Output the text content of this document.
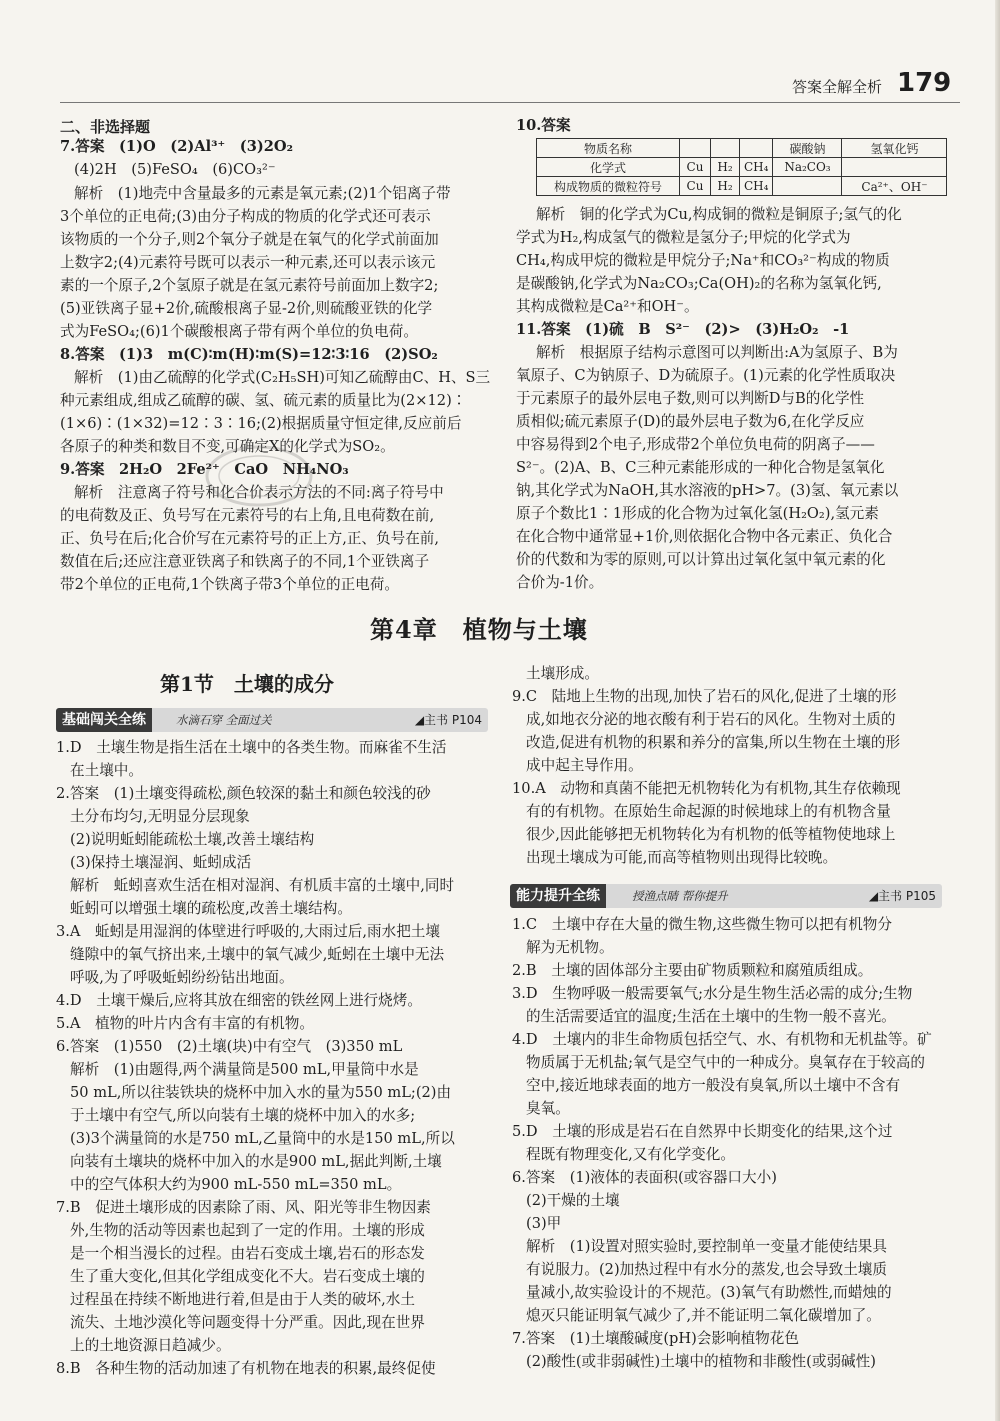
答案全解全析 179
二、非选择题
7.答案　(1)O　(2)Al³⁺　(3)2O₂
(4)2H　(5)FeSO₄　(6)CO₃²⁻
解析　(1)地壳中含量最多的元素是氧元素;(2)1个铝离子带
3个单位的正电荷;(3)由分子构成的物质的化学式还可表示
该物质的一个分子,则2个氧分子就是在氧气的化学式前面加
上数字2;(4)元素符号既可以表示一种元素,还可以表示该元
素的一个原子,2个氢原子就是在氢元素符号前面加上数字2;
(5)亚铁离子显+2价,硫酸根离子显-2价,则硫酸亚铁的化学
式为FeSO₄;(6)1个碳酸根离子带有两个单位的负电荷。
8.答案　(1)3　m(C)∶m(H)∶m(S)=12∶3∶16　(2)SO₂
解析　(1)由乙硫醇的化学式(C₂H₅SH)可知乙硫醇由C、H、S三
种元素组成,组成乙硫醇的碳、氢、硫元素的质量比为(2×12)∶
(1×6)∶(1×32)=12∶3∶16;(2)根据质量守恒定律,反应前后
各原子的种类和数目不变,可确定X的化学式为SO₂。
9.答案　2H₂O　2Fe²⁺　CaO　NH₄NO₃
解析　注意离子符号和化合价表示方法的不同:离子符号中
的电荷数及正、负号写在元素符号的右上角,且电荷数在前,
正、负号在后;化合价写在元素符号的正上方,正、负号在前,
数值在后;还应注意亚铁离子和铁离子的不同,1个亚铁离子
带2个单位的正电荷,1个铁离子带3个单位的正电荷。
10.答案
物质名称				碳酸钠	氢氧化钙
化学式	Cu	H₂	CH₄	Na₂CO₃	
构成物质的微粒符号	Cu	H₂	CH₄		Ca²⁺、OH⁻
解析　铜的化学式为Cu,构成铜的微粒是铜原子;氢气的化
学式为H₂,构成氢气的微粒是氢分子;甲烷的化学式为
CH₄,构成甲烷的微粒是甲烷分子;Na⁺和CO₃²⁻构成的物质
是碳酸钠,化学式为Na₂CO₃;Ca(OH)₂的名称为氢氧化钙,
其构成微粒是Ca²⁺和OH⁻。
11.答案　(1)硫　B　S²⁻　(2)>　(3)H₂O₂　-1
解析　根据原子结构示意图可以判断出:A为氢原子、B为
氧原子、C为钠原子、D为硫原子。(1)元素的化学性质取决
于元素原子的最外层电子数,则可以判断D与B的化学性
质相似;硫元素原子(D)的最外层电子数为6,在化学反应
中容易得到2个电子,形成带2个单位负电荷的阴离子——
S²⁻。(2)A、B、C三种元素能形成的一种化合物是氢氧化
钠,其化学式为NaOH,其水溶液的pH>7。(3)氢、氧元素以
原子个数比1∶1形成的化合物为过氧化氢(H₂O₂),氢元素
在化合物中通常显+1价,则依据化合物中各元素正、负化合
价的代数和为零的原则,可以计算出过氧化氢中氧元素的化
合价为-1价。
第4章　植物与土壤
第1节　土壤的成分
基础闯关全练	水滴石穿 全面过关	◢主书 P104
1.D　土壤生物是指生活在土壤中的各类生物。而麻雀不生活
在土壤中。
2.答案　(1)土壤变得疏松,颜色较深的黏土和颜色较浅的砂
土分布均匀,无明显分层现象
(2)说明蚯蚓能疏松土壤,改善土壤结构
(3)保持土壤湿润、蚯蚓成活
解析　蚯蚓喜欢生活在相对湿润、有机质丰富的土壤中,同时
蚯蚓可以增强土壤的疏松度,改善土壤结构。
3.A　蚯蚓是用湿润的体壁进行呼吸的,大雨过后,雨水把土壤
缝隙中的氧气挤出来,土壤中的氧气减少,蚯蚓在土壤中无法
呼吸,为了呼吸蚯蚓纷纷钻出地面。
4.D　土壤干燥后,应将其放在细密的铁丝网上进行烧烤。
5.A　植物的叶片内含有丰富的有机物。
6.答案　(1)550　(2)土壤(块)中有空气　(3)350 mL
解析　(1)由题得,两个满量筒是500 mL,甲量筒中水是
50 mL,所以往装铁块的烧杯中加入水的量为550 mL;(2)由
于土壤中有空气,所以向装有土壤的烧杯中加入的水多;
(3)3个满量筒的水是750 mL,乙量筒中的水是150 mL,所以
向装有土壤块的烧杯中加入的水是900 mL,据此判断,土壤
中的空气体积大约为900 mL-550 mL=350 mL。
7.B　促进土壤形成的因素除了雨、风、阳光等非生物因素
外,生物的活动等因素也起到了一定的作用。土壤的形成
是一个相当漫长的过程。由岩石变成土壤,岩石的形态发
生了重大变化,但其化学组成变化不大。岩石变成土壤的
过程虽在持续不断地进行着,但是由于人类的破坏,水土
流失、土地沙漠化等问题变得十分严重。因此,现在世界
上的土地资源日趋减少。
8.B　各种生物的活动加速了有机物在地表的积累,最终促使
土壤形成。
9.C　陆地上生物的出现,加快了岩石的风化,促进了土壤的形
成,如地衣分泌的地衣酸有利于岩石的风化。生物对土质的
改造,促进有机物的积累和养分的富集,所以生物在土壤的形
成中起主导作用。
10.A　动物和真菌不能把无机物转化为有机物,其生存依赖现
有的有机物。在原始生命起源的时候地球上的有机物含量
很少,因此能够把无机物转化为有机物的低等植物使地球上
出现土壤成为可能,而高等植物则出现得比较晚。
能力提升全练	授渔点睛 帮你提升	◢主书 P105
1.C　土壤中存在大量的微生物,这些微生物可以把有机物分
解为无机物。
2.B　土壤的固体部分主要由矿物质颗粒和腐殖质组成。
3.D　生物呼吸一般需要氧气;水分是生物生活必需的成分;生物
的生活需要适宜的温度;生活在土壤中的生物一般不喜光。
4.D　土壤内的非生命物质包括空气、水、有机物和无机盐等。矿
物质属于无机盐;氧气是空气中的一种成分。臭氧存在于较高的
空中,接近地球表面的地方一般没有臭氧,所以土壤中不含有
臭氧。
5.D　土壤的形成是岩石在自然界中长期变化的结果,这个过
程既有物理变化,又有化学变化。
6.答案　(1)液体的表面积(或容器口大小)
(2)干燥的土壤
(3)甲
解析　(1)设置对照实验时,要控制单一变量才能使结果具
有说服力。(2)加热过程中有水分的蒸发,也会导致土壤质
量减小,故实验设计的不规范。(3)氧气有助燃性,而蜡烛的
熄灭只能证明氧气减少了,并不能证明二氧化碳增加了。
7.答案　(1)土壤酸碱度(pH)会影响植物花色
(2)酸性(或非弱碱性)土壤中的植物和非酸性(或弱碱性)
